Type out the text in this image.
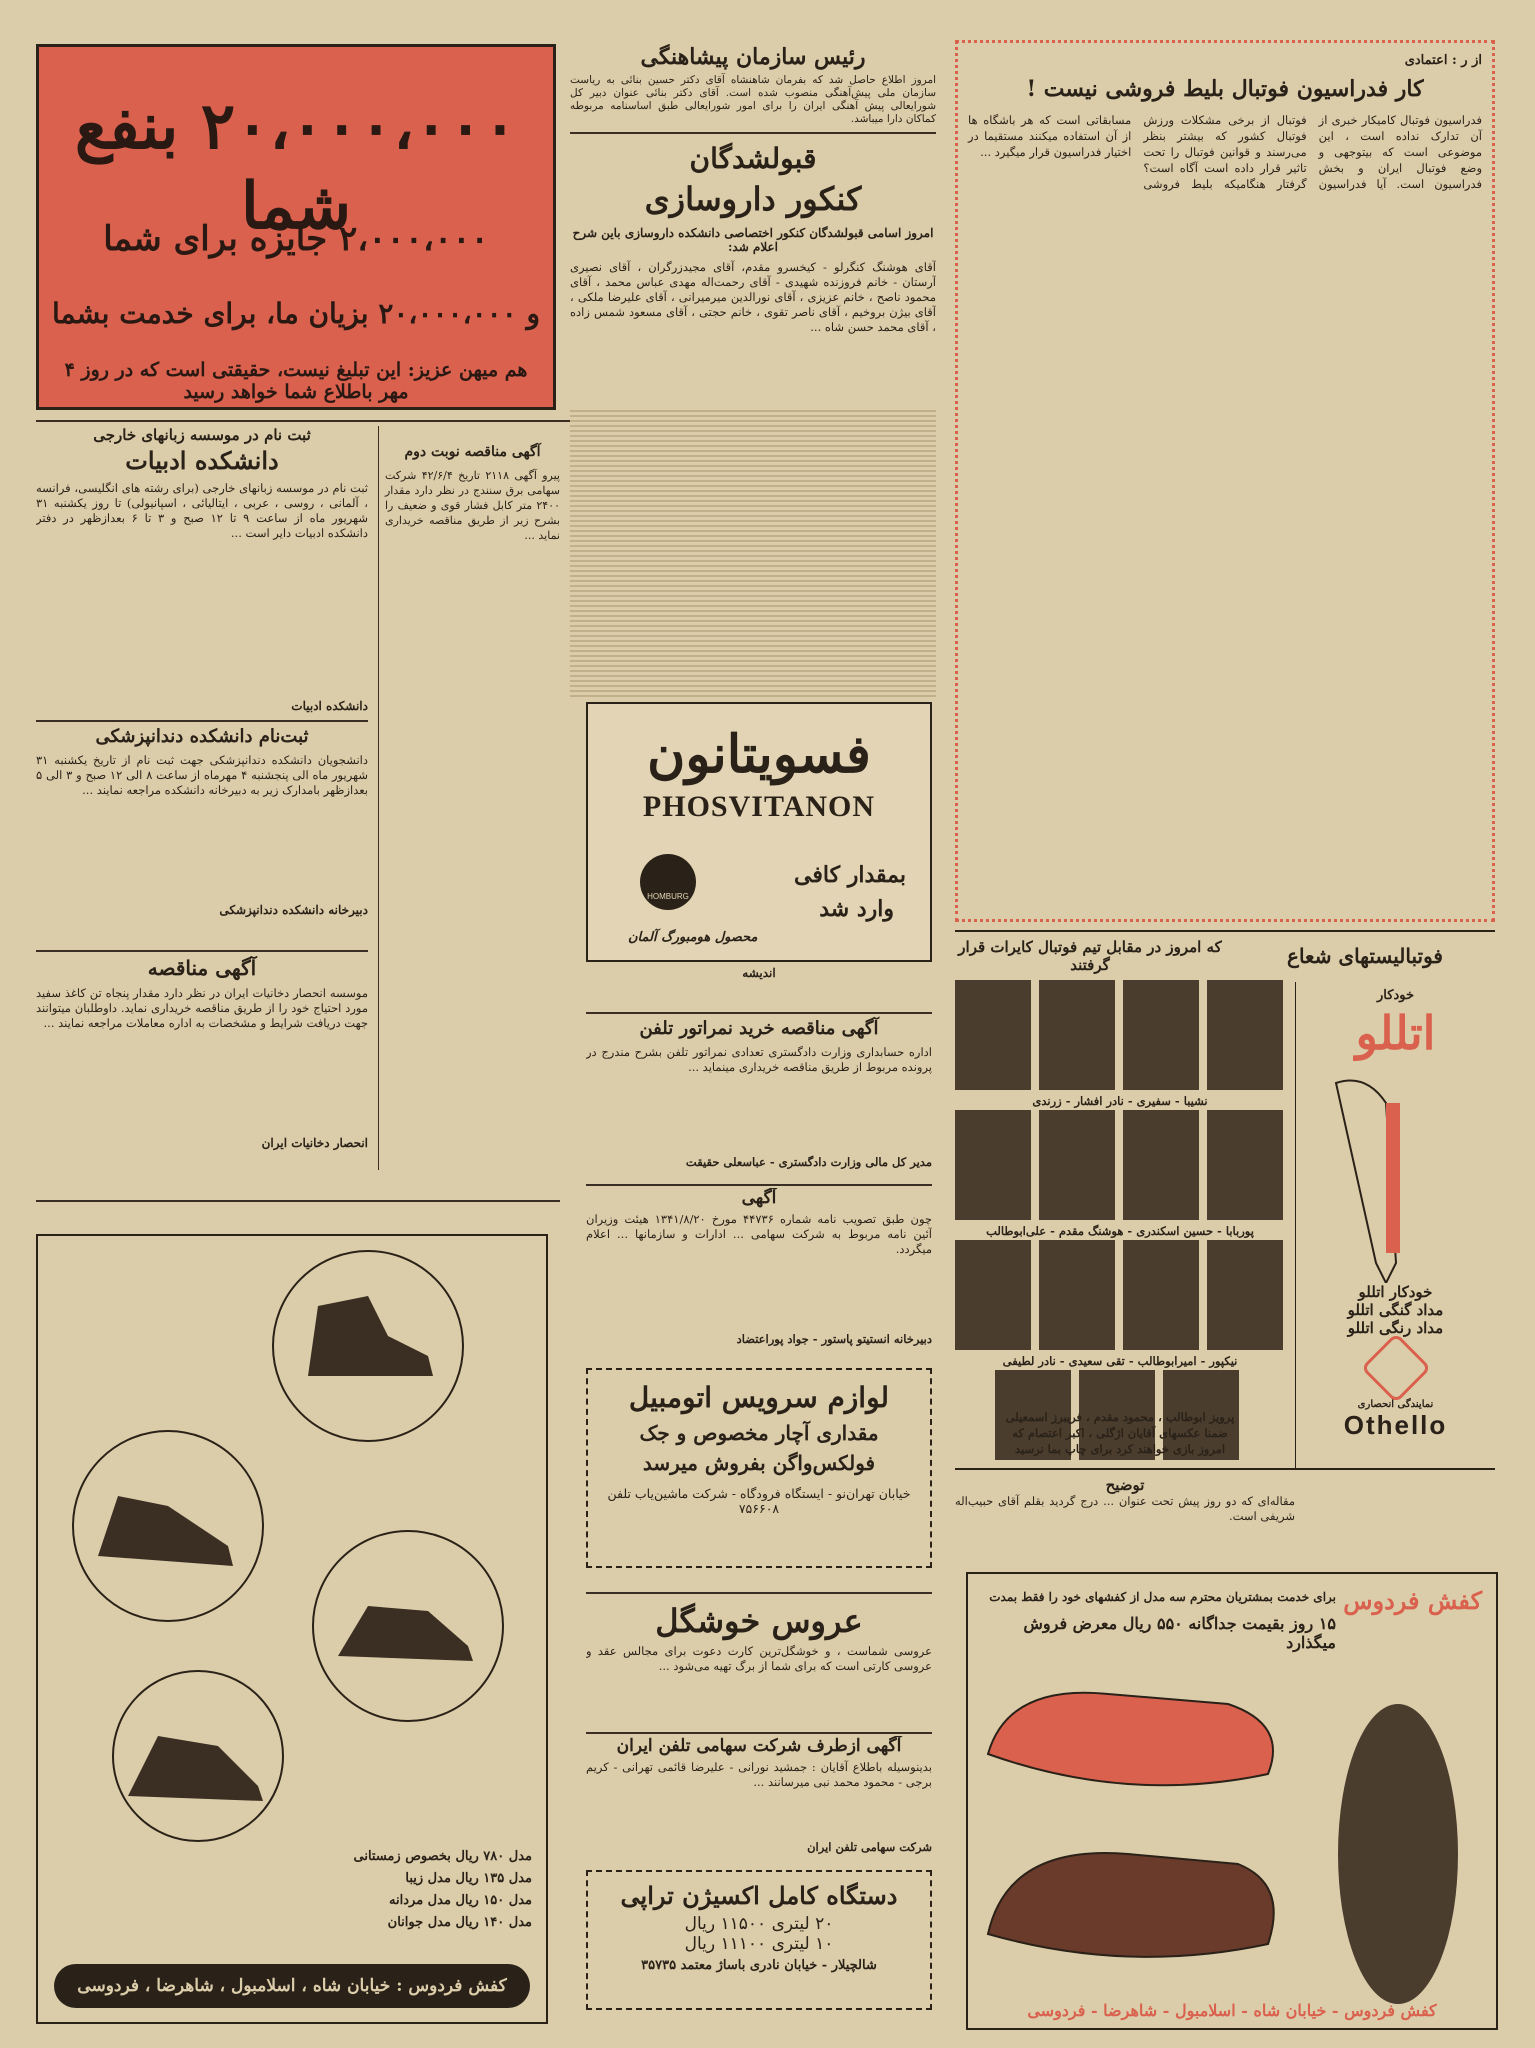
۲۰،۰۰۰،۰۰۰ بنفع شما
۲،۰۰۰،۰۰۰ جایزه برای شما
و ۲۰،۰۰۰،۰۰۰ بزیان ما، برای خدمت بشما
هم میهن عزیز: این تبلیغ نیست، حقیقتی است که در روز ۴ مهر باطلاع شما خواهد رسید
رئیس سازمان پیشاهنگی
امروز اطلاع حاصل شد که بفرمان شاهنشاه آقای دکتر حسین بنائی به ریاست سازمان ملی پیش‌آهنگی منصوب شده است. آقای دکتر بنائی عنوان دبیر کل شورایعالی پیش آهنگی ایران را برای امور شورایعالی طبق اساسنامه مربوطه کماکان دارا میباشد.
قبولشدگان
کنکور داروسازی
امروز اسامی قبولشدگان کنکور اختصاصی دانشکده داروسازی باین شرح اعلام شد:
آقای هوشنگ کنگرلو - کیخسرو مقدم، آقای مجیدزرگران ، آقای نصیری آرستان - خانم فروزنده شهیدی - آقای رحمت‌اله مهدی عباس محمد ، آقای محمود ناصح ، خانم عزیزی ، آقای نورالدین میرمیرانی ، آقای علیرضا ملکی ، آقای بیژن بروخیم ، آقای ناصر تقوی ، خانم حجتی ، آقای مسعود شمس زاده ، آقای محمد حسن شاه ...
از ر : اعتمادی
کار فدراسیون فوتبال بلیط فروشی نیست !
فدراسیون فوتبال کامیکار خبری از آن تدارک نداده است ، این موضوعی است که بیتوجهی و وضع فوتبال ایران و بخش فدراسیون است. آیا فدراسیون فوتبال از برخی مشکلات ورزش فوتبال کشور که بیشتر بنظر می‌رسند و قوانین فوتبال را تحت تاثیر قرار داده است آگاه است؟ گرفتار هنگامیکه بلیط فروشی مسابقاتی است که هر باشگاه ها از آن استفاده میکنند مستقیما در اختیار فدراسیون قرار میگیرد ...
ثبت نام در موسسه زبانهای خارجی
دانشکده ادبیات
ثبت نام در موسسه زبانهای خارجی (برای رشته های انگلیسی، فرانسه ، آلمانی ، روسی ، عربی ، ایتالیائی ، اسپانیولی) تا روز یکشنبه ۳۱ شهریور ماه از ساعت ۹ تا ۱۲ صبح و ۳ تا ۶ بعدازظهر در دفتر دانشکده ادبیات دایر است ...
دانشکده ادبیات
آگهی مناقصه نوبت دوم
پیرو آگهی ۲۱۱۸ تاریخ ۴۲/۶/۴ شرکت سهامی برق سنندج در نظر دارد مقدار ۲۴۰۰ متر کابل فشار قوی و ضعیف را بشرح زیر از طریق مناقصه خریداری نماید ...
ثبت‌نام دانشکده دندانپزشکی
دانشجویان دانشکده دندانپزشکی جهت ثبت نام از تاریخ یکشنبه ۳۱ شهریور ماه الی پنجشنبه ۴ مهرماه از ساعت ۸ الی ۱۲ صبح و ۳ الی ۵ بعدازظهر بامدارک زیر به دبیرخانه دانشکده مراجعه نمایند ...
دبیرخانه دانشکده دندانپزشکی
آگهی مناقصه
موسسه انحصار دخانیات ایران در نظر دارد مقدار پنجاه تن کاغذ سفید مورد احتیاج خود را از طریق مناقصه خریداری نماید. داوطلبان میتوانند جهت دریافت شرایط و مشخصات به اداره معاملات مراجعه نمایند ...
انحصار دخانیات ایران
فسویتانون
PHOSVITANON
HOMBURG
بمقدار کافی
وارد شد
محصول هومبورگ آلمان
اندیشه
آگهی مناقصه خرید نمراتور تلفن
اداره حسابداری وزارت دادگستری تعدادی نمراتور تلفن بشرح مندرج در پرونده مربوط از طریق مناقصه خریداری مینماید ...
مدیر کل مالی وزارت دادگستری - عباسعلی حقیقت
آگهی
چون طبق تصویب نامه شماره ۴۴۷۳۶ مورخ ۱۳۴۱/۸/۲۰ هیئت وزیران آئین نامه مربوط به شرکت سهامی ... ادارات و سازمانها ... اعلام میگردد.
دبیرخانه انستیتو پاستور - جواد پوراعتضاد
لوازم سرویس اتومبیل
مقداری آچار مخصوص و جک
فولکس‌واگن بفروش میرسد
خیابان تهران‌نو - ایستگاه فرودگاه - شرکت ماشین‌یاب تلفن ۷۵۶۶۰۸
عروس خوشگل
عروسی شماست ، و خوشگل‌ترین کارت دعوت برای مجالس عقد و عروسی کارتی است که برای شما از برگ تهیه می‌شود ...
آگهی ازطرف شرکت سهامی تلفن ایران
بدینوسیله باطلاع آقایان : جمشید نورانی - علیرضا قائمی تهرانی - کریم برجی - محمود محمد نبی میرسانند ...
شرکت سهامی تلفن ایران
دستگاه کامل اکسیژن تراپی
۲۰ لیتری ۱۱۵۰۰ ریال
۱۰ لیتری ۱۱۱۰۰ ریال
شالچیلار - خیابان نادری باساژ معتمد ۳۵۷۳۵
مدل ۷۸۰ ریال بخصوص زمستانی
مدل ۱۳۵ ریال مدل زیبا
مدل ۱۵۰ ریال مدل مردانه
مدل ۱۴۰ ریال مدل جوانان
کفش فردوس : خیابان شاه ، اسلامبول ، شاهرضا ، فردوسی
که امروز در مقابل تیم فوتبال کایرات قرار گرفتند	فوتبالیستهای شعاع
نشیبا - سفیری - نادر افشار - زرندی
پوربابا - حسین اسکندری - هوشنگ مقدم - علی‌ابوطالب
نیکپور - امیرابوطالب - تقی سعیدی - نادر لطیفی
پرویز ابوطالب ، محمود مقدم ، فریبرز اسمعیلی
ضمنا عکسهای آقایان اژگلی ، اکبر اعتصام که
امروز بازی خواهند کرد برای چاپ بما نرسید
خودکار
اتللو
خودکار اتللو
مداد گنگی اتللو
مداد رنگی اتللو
نمایندگی انحصاری
Othello
توضیح
مقاله‌ای که دو روز پیش تحت عنوان ... درج گردید بقلم آقای حبیب‌اله شریفی است.
کفش فردوس
برای خدمت بمشتریان محترم سه مدل از کفشهای خود را فقط بمدت
۱۵ روز بقیمت جداگانه ۵۵۰ ریال معرض فروش میگذارد
کفش فردوس - خیابان شاه - اسلامبول - شاهرضا - فردوسی
